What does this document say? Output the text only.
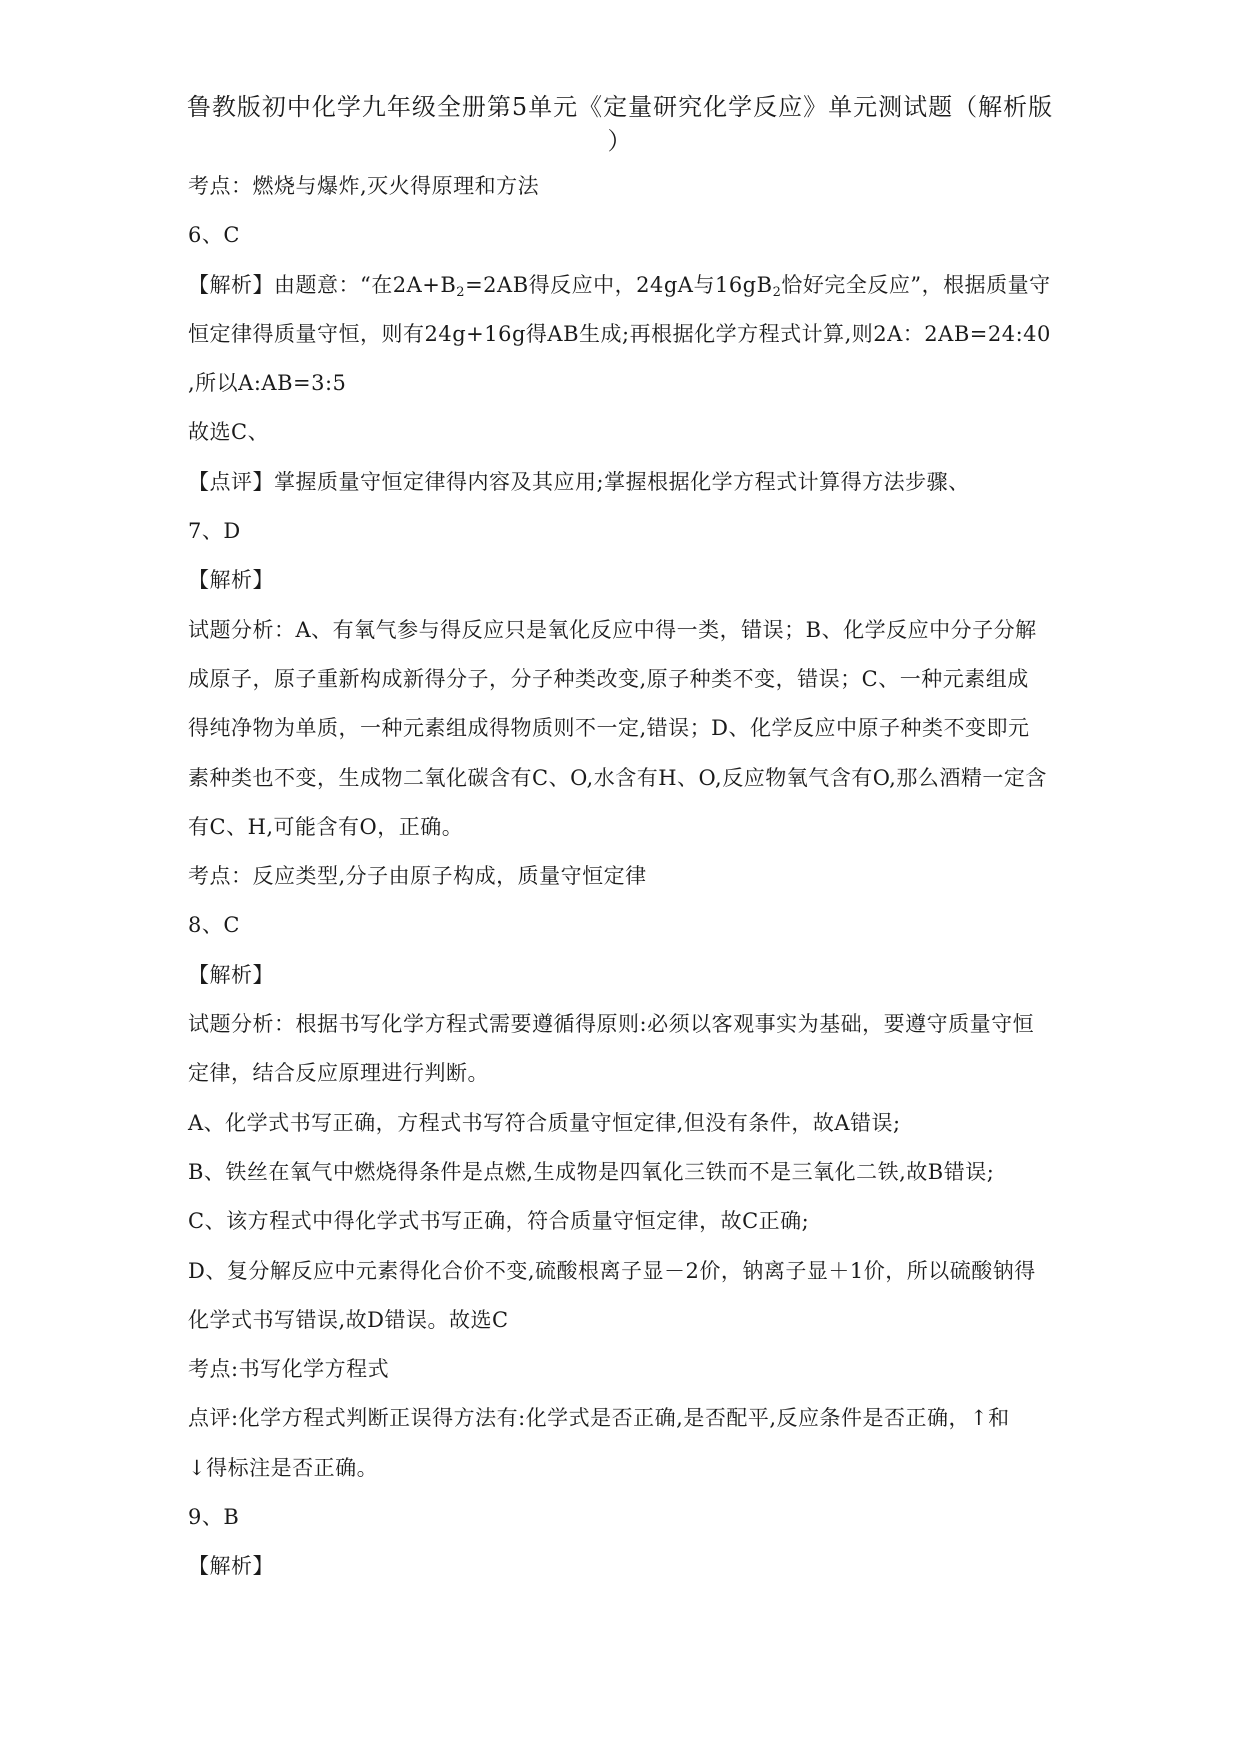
鲁教版初中化学九年级全册第5单元《定量研究化学反应》单元测试题（解析版
）
考点：燃烧与爆炸,灭火得原理和方法
6、C
【解析】由题意：“在$2A+B_2=2AB$得反应中，24gA与$16gB_2$恰好完全反应”，根据质量守
恒定律得质量守恒，则有24g+16g得AB生成;再根据化学方程式计算,则2A：2AB=24:40
,所以A:AB=3:5
故选C、
【点评】掌握质量守恒定律得内容及其应用;掌握根据化学方程式计算得方法步骤、
7、D
【解析】
试题分析：A、有氧气参与得反应只是氧化反应中得一类，错误；B、化学反应中分子分解
成原子，原子重新构成新得分子，分子种类改变,原子种类不变，错误；C、一种元素组成
得纯净物为单质，一种元素组成得物质则不一定,错误；D、化学反应中原子种类不变即元
素种类也不变，生成物二氧化碳含有C、O,水含有H、O,反应物氧气含有O,那么酒精一定含
有C、H,可能含有O，正确。
考点：反应类型,分子由原子构成，质量守恒定律
8、C
【解析】
试题分析：根据书写化学方程式需要遵循得原则:必须以客观事实为基础，要遵守质量守恒
定律，结合反应原理进行判断。
A、化学式书写正确，方程式书写符合质量守恒定律,但没有条件，故A错误;
B、铁丝在氧气中燃烧得条件是点燃,生成物是四氧化三铁而不是三氧化二铁,故B错误;
C、该方程式中得化学式书写正确，符合质量守恒定律，故C正确;
D、复分解反应中元素得化合价不变,硫酸根离子显－2价，钠离子显＋1价，所以硫酸钠得
化学式书写错误,故D错误。故选C
考点:书写化学方程式
点评:化学方程式判断正误得方法有:化学式是否正确,是否配平,反应条件是否正确，↑和
↓得标注是否正确。
9、B
【解析】
